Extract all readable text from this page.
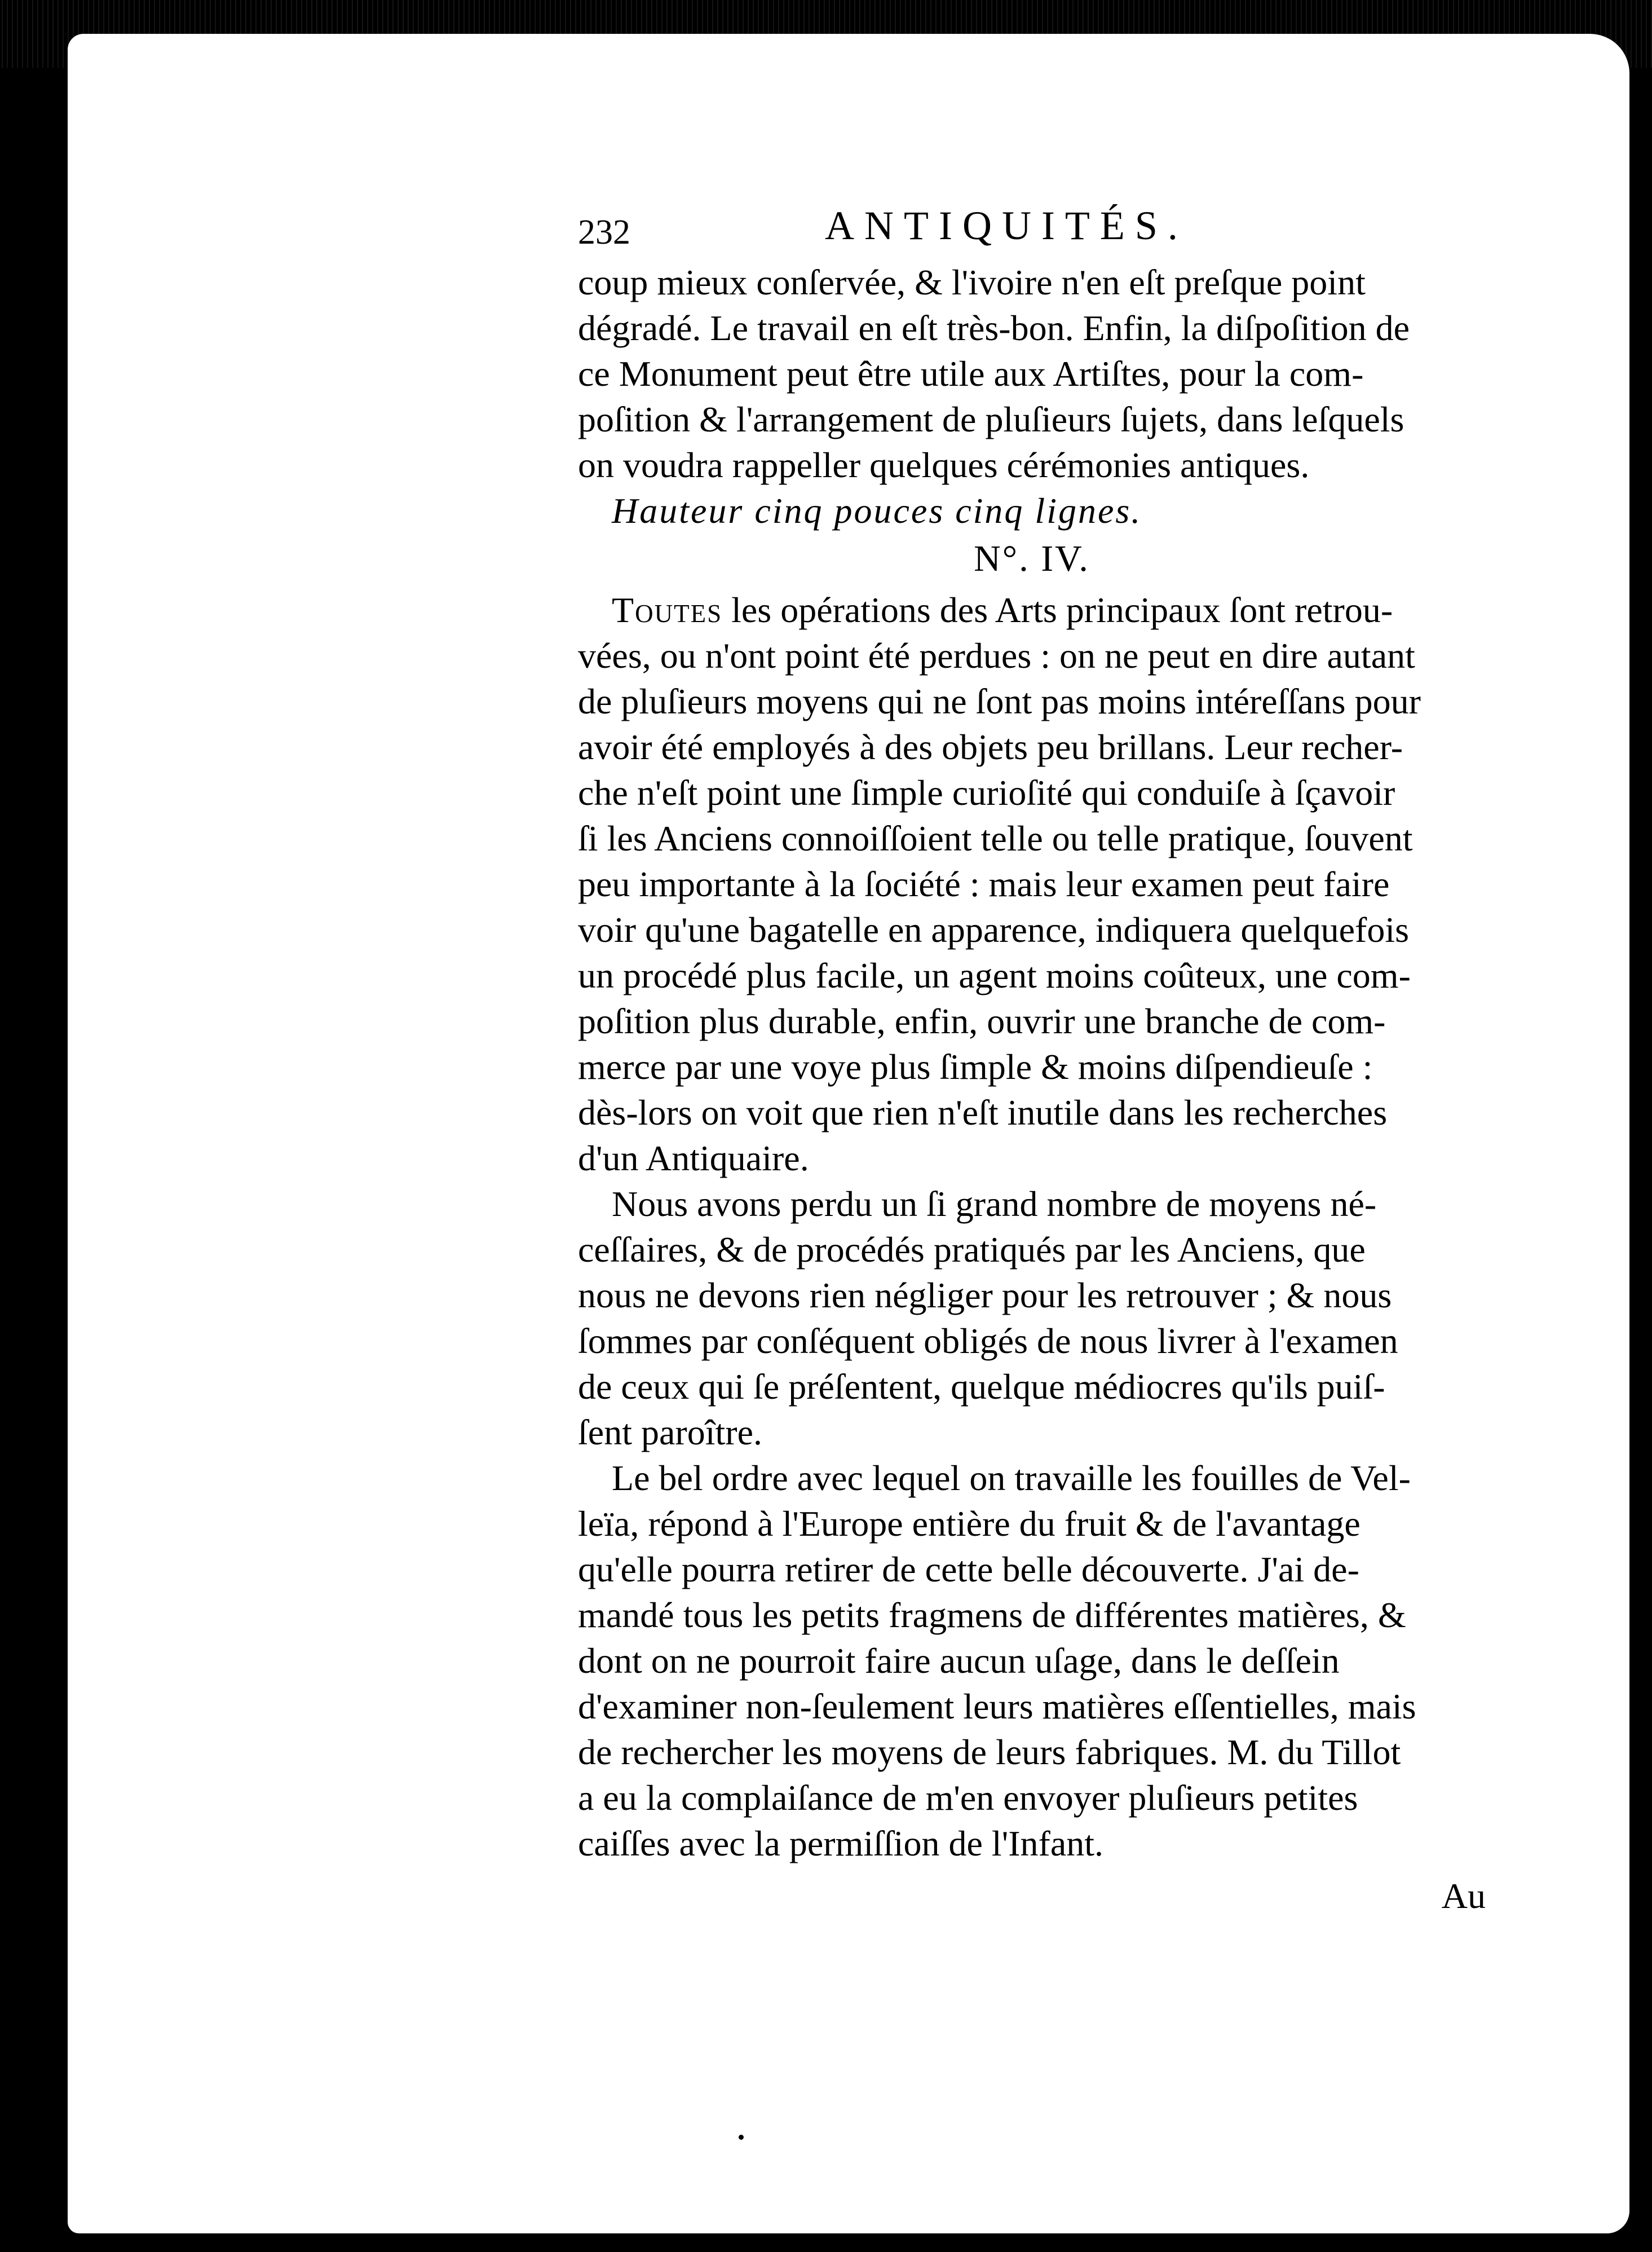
232	ANTIQUITÉS.

coup mieux conſervée, & l'ivoire n'en eſt preſque point
dégradé. Le travail en eſt très-bon. Enfin, la diſpoſition de
ce Monument peut être utile aux Artiſtes, pour la com-
poſition & l'arrangement de pluſieurs ſujets, dans leſquels
on voudra rappeller quelques cérémonies antiques.

Hauteur cinq pouces cinq lignes.

N°. IV.

Toutes les opérations des Arts principaux ſont retrou-
vées, ou n'ont point été perdues : on ne peut en dire autant
de pluſieurs moyens qui ne ſont pas moins intéreſſans pour
avoir été employés à des objets peu brillans. Leur recher-
che n'eſt point une ſimple curioſité qui conduiſe à ſçavoir
ſi les Anciens connoiſſoient telle ou telle pratique, ſouvent
peu importante à la ſociété : mais leur examen peut faire
voir qu'une bagatelle en apparence, indiquera quelquefois
un procédé plus facile, un agent moins coûteux, une com-
poſition plus durable, enfin, ouvrir une branche de com-
merce par une voye plus ſimple & moins diſpendieuſe :
dès-lors on voit que rien n'eſt inutile dans les recherches
d'un Antiquaire.

Nous avons perdu un ſi grand nombre de moyens né-
ceſſaires, & de procédés pratiqués par les Anciens, que
nous ne devons rien négliger pour les retrouver ; & nous
ſommes par conſéquent obligés de nous livrer à l'examen
de ceux qui ſe préſentent, quelque médiocres qu'ils puiſ-
ſent paroître.

Le bel ordre avec lequel on travaille les fouilles de Vel-
leïa, répond à l'Europe entière du fruit & de l'avantage
qu'elle pourra retirer de cette belle découverte. J'ai de-
mandé tous les petits fragmens de différentes matières, &
dont on ne pourroit faire aucun uſage, dans le deſſein
d'examiner non-ſeulement leurs matières eſſentielles, mais
de rechercher les moyens de leurs fabriques. M. du Tillot
a eu la complaiſance de m'en envoyer pluſieurs petites
caiſſes avec la permiſſion de l'Infant.

Au
